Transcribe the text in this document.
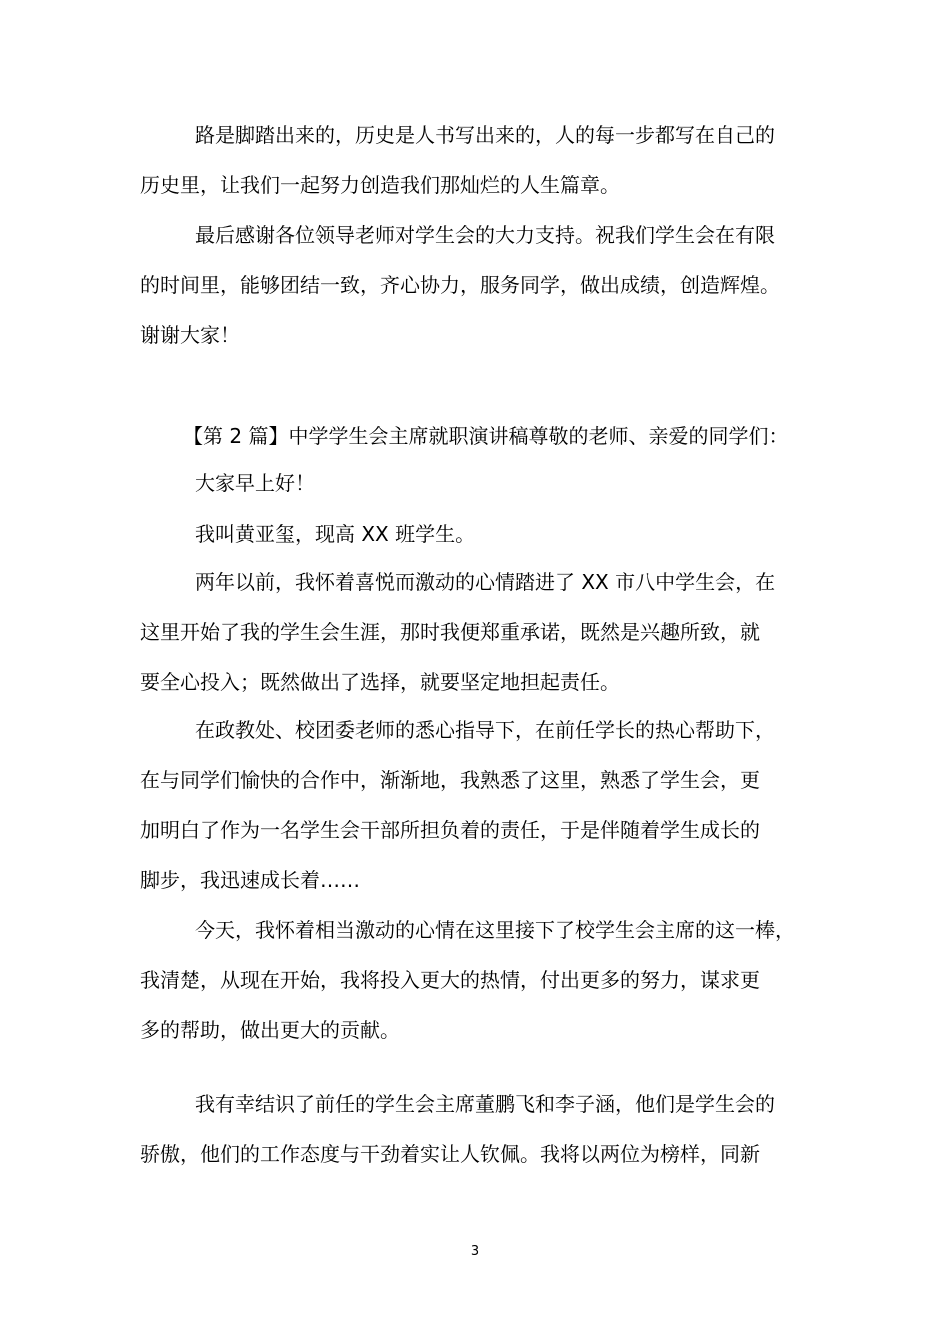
路是脚踏出来的，历史是人书写出来的，人的每一步都写在自己的
历史里，让我们一起努力创造我们那灿烂的人生篇章。
最后感谢各位领导老师对学生会的大力支持。祝我们学生会在有限
的时间里，能够团结一致，齐心协力，服务同学，做出成绩，创造辉煌。
谢谢大家！
【第 2 篇】中学学生会主席就职演讲稿尊敬的老师、亲爱的同学们：
大家早上好！
我叫黄亚玺，现高 XX 班学生。
两年以前，我怀着喜悦而激动的心情踏进了 XX 市八中学生会，在
这里开始了我的学生会生涯，那时我便郑重承诺，既然是兴趣所致，就
要全心投入；既然做出了选择，就要坚定地担起责任。
在政教处、校团委老师的悉心指导下，在前任学长的热心帮助下，
在与同学们愉快的合作中，渐渐地，我熟悉了这里，熟悉了学生会，更
加明白了作为一名学生会干部所担负着的责任，于是伴随着学生成长的
脚步，我迅速成长着……
今天，我怀着相当激动的心情在这里接下了校学生会主席的这一棒，
我清楚，从现在开始，我将投入更大的热情，付出更多的努力，谋求更
多的帮助，做出更大的贡献。
我有幸结识了前任的学生会主席董鹏飞和李子涵，他们是学生会的
骄傲，他们的工作态度与干劲着实让人钦佩。我将以两位为榜样，同新
3
